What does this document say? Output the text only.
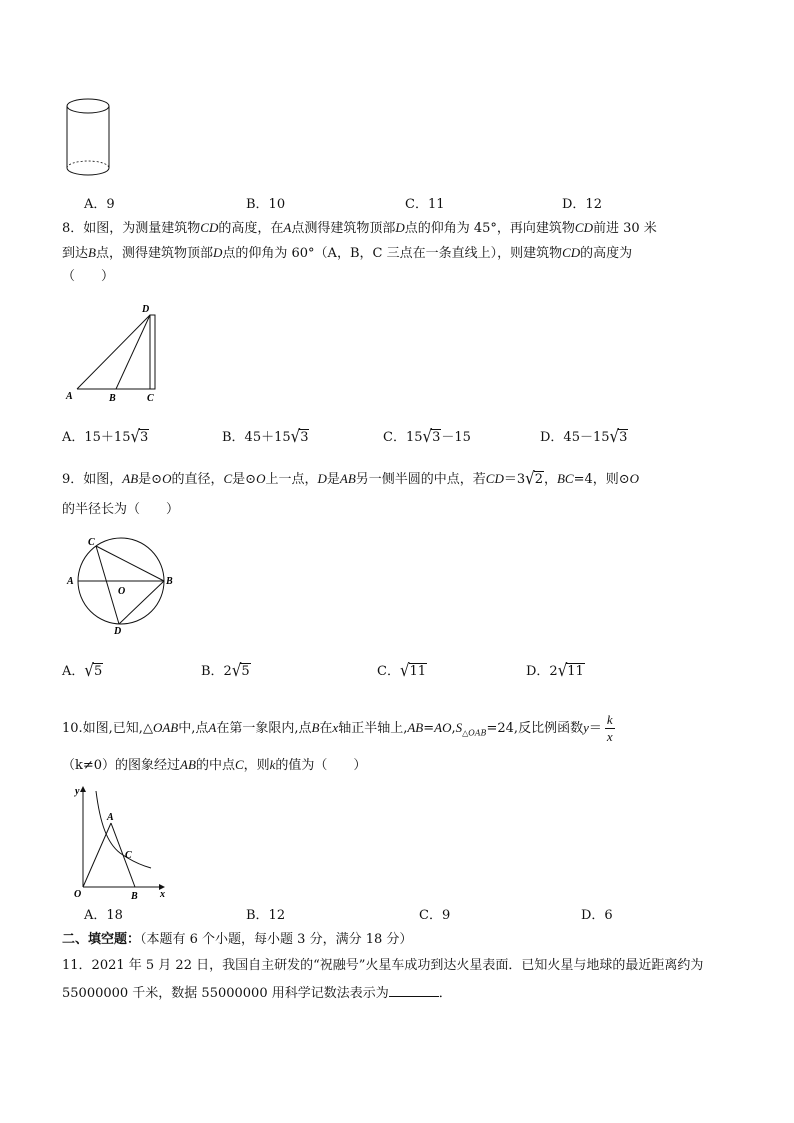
A．9	B．10	C．11	D．12
8．如图，为测量建筑物CD的高度，在A点测得建筑物顶部D点的仰角为 45°，再向建筑物CD前进 30 米
到达B点，测得建筑物顶部D点的仰角为 60°（A，B，C 三点在一条直线上），则建筑物CD的高度为
（　　）
D
A	B	C
A．15＋15√3	B．45＋15√3	C．15√3－15	D．45－15√3
9．如图，AB是⊙O的直径，C是⊙O上一点，D是AB另一侧半圆的中点，若CD＝3√2，BC=4，则⊙O
的半径长为（　　）
C
A
O
B
D
A．√5	B．2√5	C．√11	D．2√11
10.如图,已知,△OAB中,点A在第一象限内,点B在x轴正半轴上$,AB=AO,S_{\triangle OAB}=24$,反比例函数$y= \frac{k}{x}$
（k≠0）的图象经过AB的中点C，则k的值为（　　）
y
A
C
O	B x
A．18	B．12	C．9	D．6
二、填空题：（本题有 6 个小题，每小题 3 分，满分 18 分）
11．2021 年 5 月 22 日，我国自主研发的“祝融号”火星车成功到达火星表面．已知火星与地球的最近距离约为
55000000 千米，数据 55000000 用科学记数法表示为	．
